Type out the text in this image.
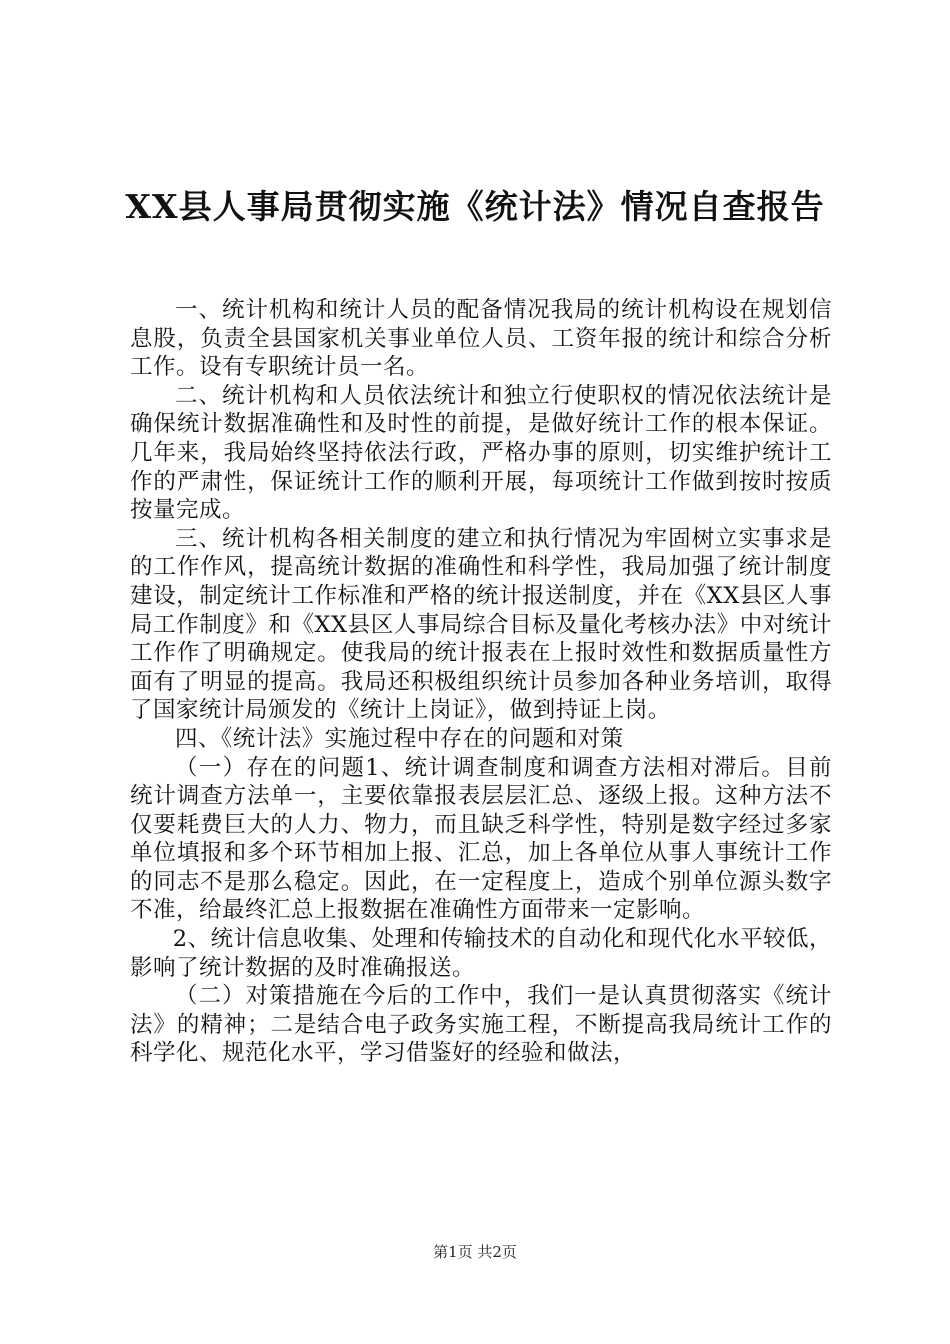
XX县人事局贯彻实施《统计法》情况自查报告

一、统计机构和统计人员的配备情况我局的统计机构设在规划信息股，负责全县国家机关事业单位人员、工资年报的统计和综合分析工作。设有专职统计员一名。

二、统计机构和人员依法统计和独立行使职权的情况依法统计是确保统计数据准确性和及时性的前提，是做好统计工作的根本保证。几年来，我局始终坚持依法行政，严格办事的原则，切实维护统计工作的严肃性，保证统计工作的顺利开展，每项统计工作做到按时按质按量完成。

三、统计机构各相关制度的建立和执行情况为牢固树立实事求是的工作作风，提高统计数据的准确性和科学性，我局加强了统计制度建设，制定统计工作标准和严格的统计报送制度，并在《XX县区人事局工作制度》和《XX县区人事局综合目标及量化考核办法》中对统计工作作了明确规定。使我局的统计报表在上报时效性和数据质量性方面有了明显的提高。我局还积极组织统计员参加各种业务培训，取得了国家统计局颁发的《统计上岗证》，做到持证上岗。

四、《统计法》实施过程中存在的问题和对策

（一）存在的问题1、统计调查制度和调查方法相对滞后。目前统计调查方法单一，主要依靠报表层层汇总、逐级上报。这种方法不仅要耗费巨大的人力、物力，而且缺乏科学性，特别是数字经过多家单位填报和多个环节相加上报、汇总，加上各单位从事人事统计工作的同志不是那么稳定。因此，在一定程度上，造成个别单位源头数字不准，给最终汇总上报数据在准确性方面带来一定影响。

2、统计信息收集、处理和传输技术的自动化和现代化水平较低，影响了统计数据的及时准确报送。

（二）对策措施在今后的工作中，我们一是认真贯彻落实《统计法》的精神；二是结合电子政务实施工程，不断提高我局统计工作的科学化、规范化水平，学习借鉴好的经验和做法，

第1页 共2页
